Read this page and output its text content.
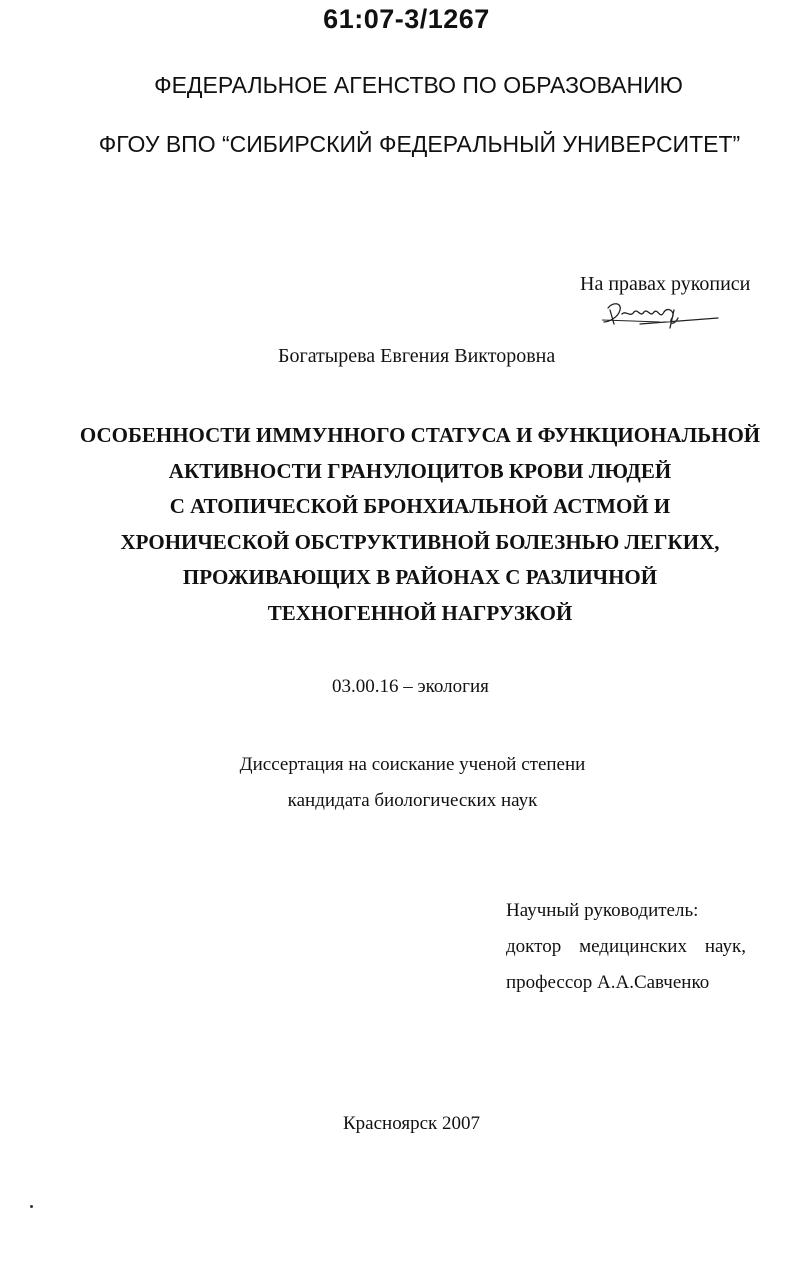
61:07-3/1267
ФЕДЕРАЛЬНОЕ АГЕНСТВО ПО ОБРАЗОВАНИЮ
ФГОУ ВПО “СИБИРСКИЙ ФЕДЕРАЛЬНЫЙ УНИВЕРСИТЕТ”
На правах рукописи
Богатырева Евгения Викторовна
ОСОБЕННОСТИ ИММУННОГО СТАТУСА И ФУНКЦИОНАЛЬНОЙ
АКТИВНОСТИ ГРАНУЛОЦИТОВ КРОВИ ЛЮДЕЙ
С АТОПИЧЕСКОЙ БРОНХИАЛЬНОЙ АСТМОЙ И
ХРОНИЧЕСКОЙ ОБСТРУКТИВНОЙ БОЛЕЗНЬЮ ЛЕГКИХ,
ПРОЖИВАЮЩИХ В РАЙОНАХ С РАЗЛИЧНОЙ
ТЕХНОГЕННОЙ НАГРУЗКОЙ
03.00.16 – экология
Диссертация на соискание ученой степени
кандидата биологических наук
Научный руководитель:
доктор медицинских наук,
профессор А.А.Савченко
Красноярск 2007
